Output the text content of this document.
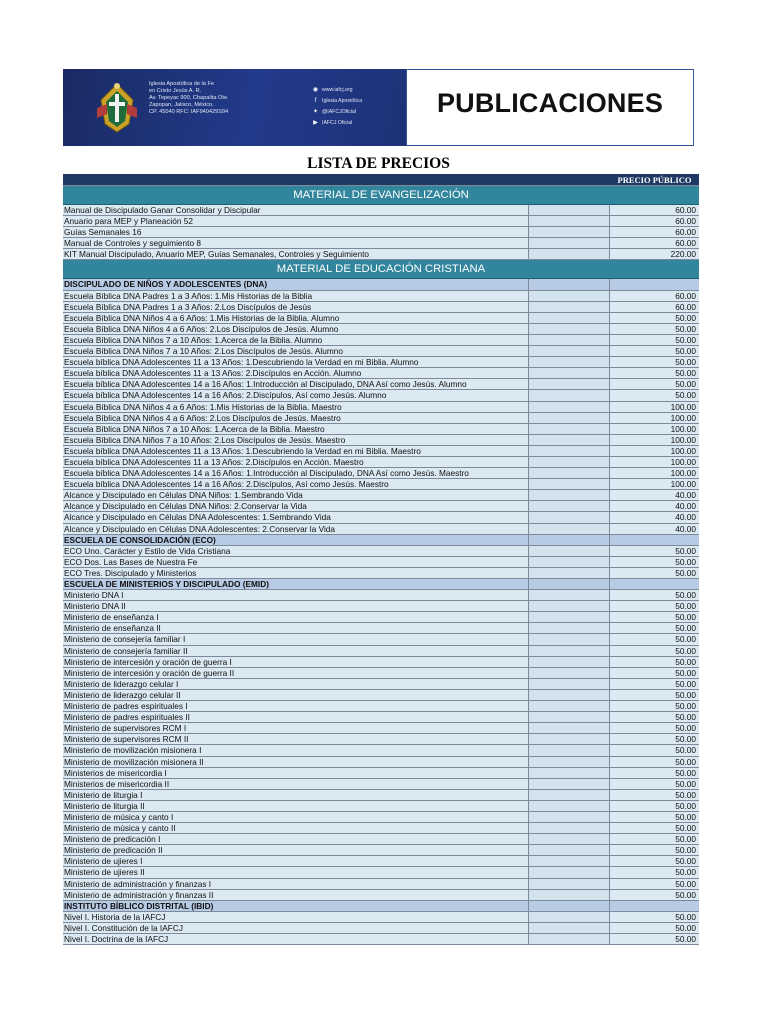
Iglesia Apostólica de la Fe
en Cristo Jesús A. R.
Av. Tepeyac 900, Chapalita Ote.
Zapopan, Jalisco, México.
CP. 45040 RFC: IAF940429S94
◉ www.iafcj.org
f	Iglesia Apostólica
✦ @IAFCJOficial
▶ IAFCJ Oficial
PUBLICACIONES
LISTA DE PRECIOS
PRECIO PÚBLICO
MATERIAL DE EVANGELIZACIÓN
Manual de Discipulado Ganar Consolidar y Discipular	60.00
Anuario para MEP y Planeación 52	60.00
Guías Semanales 16	60.00
Manual de Controles y seguimiento 8	60.00
KIT Manual Discipulado, Anuario MEP, Guías Semanales, Controles y Seguimiento	220.00
MATERIAL DE EDUCACIÓN CRISTIANA
DISCIPULADO DE NIÑOS Y ADOLESCENTES (DNA)
Escuela Bíblica DNA Padres 1 a 3 Años: 1.Mis Historias de la Biblia	60.00
Escuela Bíblica DNA Padres 1 a 3 Años: 2.Los Discípulos de Jesús	60.00
Escuela Bíblica DNA Niños 4 a 6 Años: 1.Mis Historias de la Biblia. Alumno	50.00
Escuela Bíblica DNA Niños 4 a 6 Años: 2.Los Discípulos de Jesús. Alumno	50.00
Escuela Bíblica DNA Niños 7 a 10 Años: 1.Acerca de la Biblia. Alumno	50.00
Escuela Bíblica DNA Niños 7 a 10 Años: 2.Los Discípulos de Jesús. Alumno	50.00
Escuela bíblica DNA Adolescentes 11 a 13 Años: 1.Descubriendo la Verdad en mi Biblia. Alumno	50.00
Escuela bíblica DNA Adolescentes 11 a 13 Años: 2.Discípulos en Acción. Alumno	50.00
Escuela bíblica DNA Adolescentes 14 a 16 Años: 1.Introducción al Discipulado, DNA Así como Jesús. Alumno	50.00
Escuela bíblica DNA Adolescentes 14 a 16 Años: 2.Discípulos, Así como Jesús. Alumno	50.00
Escuela Bíblica DNA Niños 4 a 6 Años: 1.Mis Historias de la Biblia. Maestro	100.00
Escuela Bíblica DNA Niños 4 a 6 Años: 2.Los Discípulos de Jesús. Maestro	100.00
Escuela Bíblica DNA Niños 7 a 10 Años: 1.Acerca de la Biblia. Maestro	100.00
Escuela Bíblica DNA Niños 7 a 10 Años: 2.Los Discípulos de Jesús. Maestro	100.00
Escuela bíblica DNA Adolescentes 11 a 13 Años: 1.Descubriendo la Verdad en mi Biblia. Maestro	100.00
Escuela bíblica DNA Adolescentes 11 a 13 Años: 2.Discípulos en Acción. Maestro	100.00
Escuela bíblica DNA Adolescentes 14 a 16 Años: 1.Introducción al Discipulado, DNA Así como Jesús. Maestro	100.00
Escuela bíblica DNA Adolescentes 14 a 16 Años: 2.Discípulos, Así como Jesús. Maestro	100.00
Alcance y Discipulado en Células DNA Niños: 1.Sembrando Vida	40.00
Alcance y Discipulado en Células DNA Niños: 2.Conservar la Vida	40.00
Alcance y Discipulado en Células DNA Adolescentes: 1.Sembrando Vida	40.00
Alcance y Discipulado en Células DNA Adolescentes: 2.Conservar la Vida	40.00
ESCUELA DE CONSOLIDACIÓN (ECO)
ECO Uno. Carácter y Estilo de Vida Cristiana	50.00
ECO Dos. Las Bases de Nuestra Fe	50.00
ECO Tres. Discipulado y Ministerios	50.00
ESCUELA DE MINISTERIOS Y DISCIPULADO (EMID)
Ministerio DNA I	50.00
Ministerio DNA II	50.00
Ministerio de enseñanza I	50.00
Ministerio de enseñanza II	50.00
Ministerio de consejería familiar I	50.00
Ministerio de consejería familiar II	50.00
Ministerio de intercesión y oración de guerra I	50.00
Ministerio de intercesión y oración de guerra II	50.00
Ministerio de liderazgo celular I	50.00
Ministerio de liderazgo celular II	50.00
Ministerio de padres espirituales I	50.00
Ministerio de padres espirituales II	50.00
Ministerio de supervisores RCM I	50.00
Ministerio de supervisores RCM II	50.00
Ministerio de movilización misionera I	50.00
Ministerio de movilización misionera II	50.00
Ministerios de misericordia I	50.00
Ministerios de misericordia II	50.00
Ministerio de liturgia I	50.00
Ministerio de liturgia II	50.00
Ministerio de música y canto I	50.00
Ministerio de música y canto II	50.00
Ministerio de predicación I	50.00
Ministerio de predicación II	50.00
Ministerio de ujieres I	50.00
Ministerio de ujieres II	50.00
Ministerio de administración y finanzas I	50.00
Ministerio de administración y finanzas II	50.00
INSTITUTO BÍBLICO DISTRITAL (IBID)
Nivel I. Historia de la IAFCJ	50.00
Nivel I. Constitución de la IAFCJ	50.00
Nivel I. Doctrina de la IAFCJ	50.00
